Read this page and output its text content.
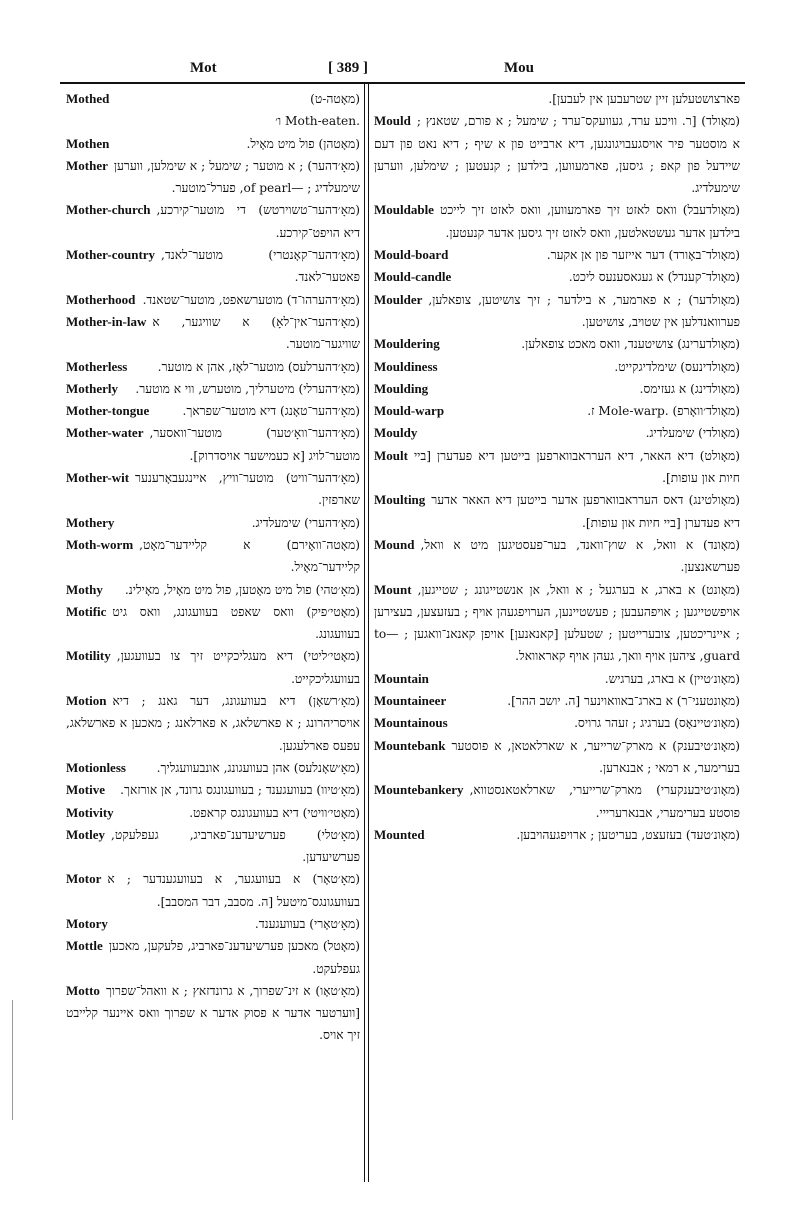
Mot	[ 389 ]	Mou
Mothed	(מאָטה-ט)
.Moth-eaten ו׳
Mothen	(מאָטהן) פול מיט מאָיל.
Mother (מאָ׳דהער) ; א מוטער ; שימעל ; א שימלען, ווערען שימעלדיג ; —of pearl, פערל־מוטער.
Mother-church (מאָ׳דהער־טשוירטש) די מוטער־קירכע, דיא הויפט־קירכע.
Mother-country (מאָ׳דהער־קאָנטרי) מוטער־לאנד, פאטער־לאנד.
Motherhood (מאָ׳דהערהו־ד) מוטערשאפט, מוטער־שטאנד.
Mother-in-law (מאָ׳דהער־אין־לאָ) א שוויגער, א שוויגער־מוטער.
Motherless	(מאָ׳דהערלעס) מוטער־לאָז, אהן א מוטער.
Motherly	(מאָ׳דהערלי) מיטערליך, מוטערש, ווי א מוטער.
Mother-tongue	(מאָ׳דהער־טאָנג) דיא מוטער־שפראך.
Mother-water (מאָ׳דהער־וואָ׳טער) מוטער־וואסער, מוטער־לויג [א כעמישער אויסדרוק].
Mother-wit (מאָ׳דהער־וויט) מוטער־וויץ, איינגעבאָרענער שארפזין.
Mothery	(מאָ׳דהערי) שימעלדיג.
Moth-worm (מאָטה־וואָירם) א קליידער־מאָט, קליידער־מאָיל.
Mothy	(מאָ׳טהי) פול מיט מאָטען, פול מיט מאָיל, מאָילינ.
Motific (מאָטי׳פיק) וואס שאפט בעוועגונג, וואס גיט בעוועגונג.
Motility (מאָטי׳ליטי) דיא מעגליכקייט זיך צו בעוועגען, בעוועגליכקייט.
Motion (מאָ׳רשאָן) דיא בעוועגונג, דער גאנג ; דיא אויסריהרונג ; א פארשלאג, א פארלאנג ; מאכען א פארשלאג, עפעס פארלעגען.
Motionless	(מאָ׳שאָנלעס) אהן בעוועגונג, אונבעוועגליך.
Motive	(מאָ׳טיוו) בעוועגענד ; בעוועגונגס גרונד, אן אורזאך.
Motivity	(מאָטי׳וויטי) דיא בעוועגונגס קראפט.
Motley (מאָ׳טלי) פערשיעדענ־פארביג, געפלעקט, פערשיעדען.
Motor (מאָ׳טאָר) א בעוועגער, א בעוועגענדער ; א בעוועגונגס־מיטעל [ה. מסבב, דבר המסבב].
Motory	(מאָ׳טאָרי) בעוועגענד.
Mottle (מאָטל) מאכען פערשיעדענ־פארביג, פלעקען, מאכען געפלעקט.
Motto (מאָ׳טאָו) א זינ־שפרוך, א גרונדזאץ ; א וואהל־שפרוך [ווערטער אדער א פסוק אדער א שפרוך וואס איינער קלייבט זיך אויס.
פארצושטעלען זיין שטרעבען אין לעבען].
Mould (מאָולד) [ר. וויכע ערד, געוועקס־ערד ; שימעל ; א פורם, שטאנץ ; א מוסטער פיר אויסגעבויגונגען, דיא ארבייט פון א שיף ; דיא נאט פון דעם שיידעל פון קאפ ; גיסען, פארמעווען, בילדען ; קנעטען ; שימלען, ווערען שימעלדיג.
Mouldable (מאָולדעבל) וואס לאזט זיך פארמעווען, וואס לאזט זיך לייכט בילדען אדער געשטאלטען, וואס לאזט זיך גיסען אדער קנעטען.
Mould-board	(מאָולד־באָורד) דער אייזער פון אן אקער.
Mould-candle	(מאָולד־קענדל) א געגאסענעס ליכט.
Moulder (מאָולדער) ; א פארמער, א בילדער ; זיך צושיטען, צופאלען, פערוואנדלען אין שטויב, צושיטען.
Mouldering	(מאָולדערינג) צושיטענד, וואס מאכט צופאלען.
Mouldiness	(מאָולדינעס) שימלדיגקייט.
Moulding	(מאָולדינג) א געזימס.
Mould-warp	(מאָולד׳וואָרפ) .Mole-warp ז.
Mouldy	(מאָולדי) שימעלדיג.
Moult (מאָולט) דיא האאר, דיא הערראבווארפען בייטען דיא פעדערן [ביי חיות און עופות].
Moulting (מאָולטינג) דאס הערראבווארפען אדער בייטען דיא האאר אדער דיא פעדערן [ביי חיות און עופות].
Mound (מאָונד) א וואל, א שוץ־וואנד, בער־פעסטיגען מיט א וואל, פערשאנצען.
Mount (מאָונט) א בארג, א בערגעל ; א וואל, אן אנשטייגונג ; שטייגען, אויפשטייגען ; אויפהעבען ; פעשטיינען, הערויפגעהן אויף ; בעזעצען, בעצירען ; איינריכטען, צובערייטען ; שטעלען [קאנאנען] אויפן קאנאנ־וואגען ; to—guard, ציהען אויף וואך, געהן אויף קאראוואל.
Mountain	(מאָונ׳טיין) א בארג, בערגיש.
Mountaineer	(מאָונטעני־ר) א בארג־באוואוינער [ה. יושב ההר].
Mountainous	(מאָונ׳טיינאָס) בערגיג ; זעהר גרויס.
Mountebank (מאָונ׳טיבענק) א מארק־שרייער, א שארלאטאן, א פוסטער בערימער, א רמאי ; אבנארען.
Mountebankery (מאָונ׳טיבענקערי) מארק־שרייערי, שארלאטאנסטווא, פוסטע בערימערי, אבנארערייי.
Mounted	(מאָונ׳טעד) בעזעצט, בעריטען ; ארויפגעהויבען.
